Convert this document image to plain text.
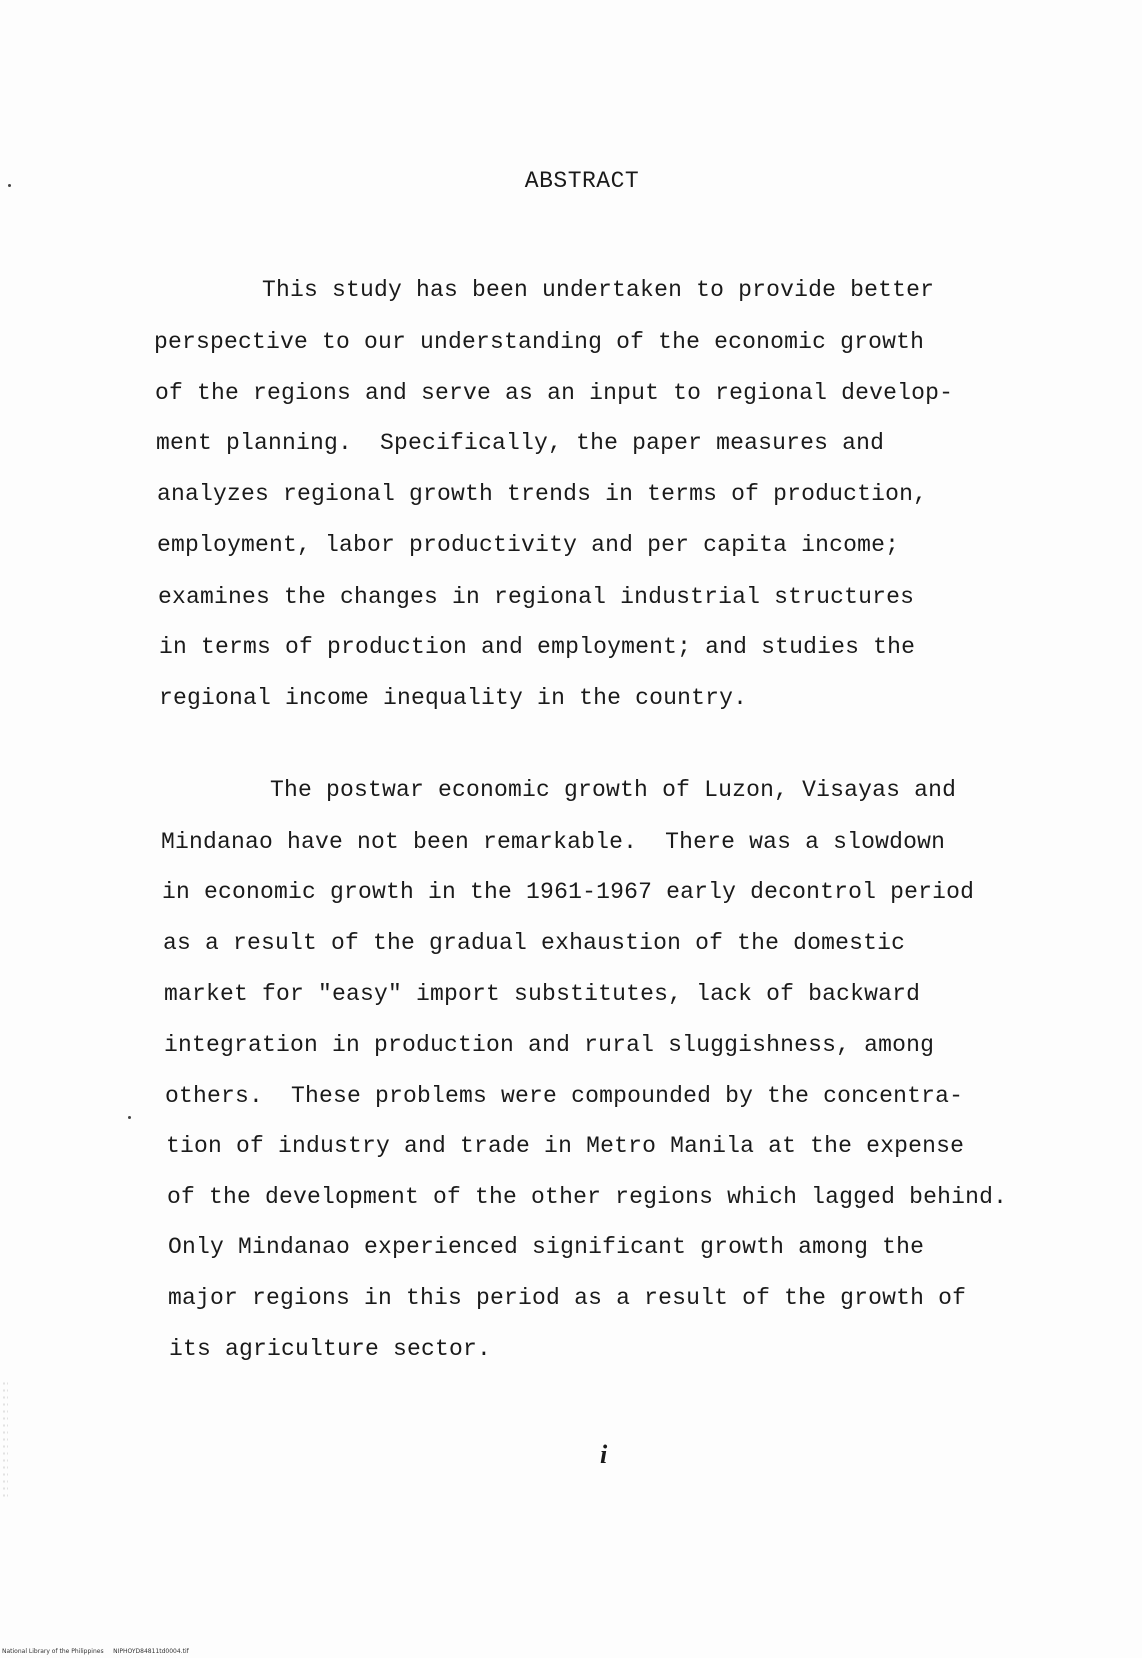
ABSTRACT
This study has been undertaken to provide better
perspective to our understanding of the economic growth
of the regions and serve as an input to regional develop-
ment planning.  Specifically, the paper measures and
analyzes regional growth trends in terms of production,
employment, labor productivity and per capita income;
examines the changes in regional industrial structures
in terms of production and employment; and studies the
regional income inequality in the country.
The postwar economic growth of Luzon, Visayas and
Mindanao have not been remarkable.  There was a slowdown
in economic growth in the 1961-1967 early decontrol period
as a result of the gradual exhaustion of the domestic
market for "easy" import substitutes, lack of backward
integration in production and rural sluggishness, among
others.  These problems were compounded by the concentra-
tion of industry and trade in Metro Manila at the expense
of the development of the other regions which lagged behind.
Only Mindanao experienced significant growth among the
major regions in this period as a result of the growth of
its agriculture sector.
i
National Library of the Philippines     NIPHOYD84811td0004.tif
